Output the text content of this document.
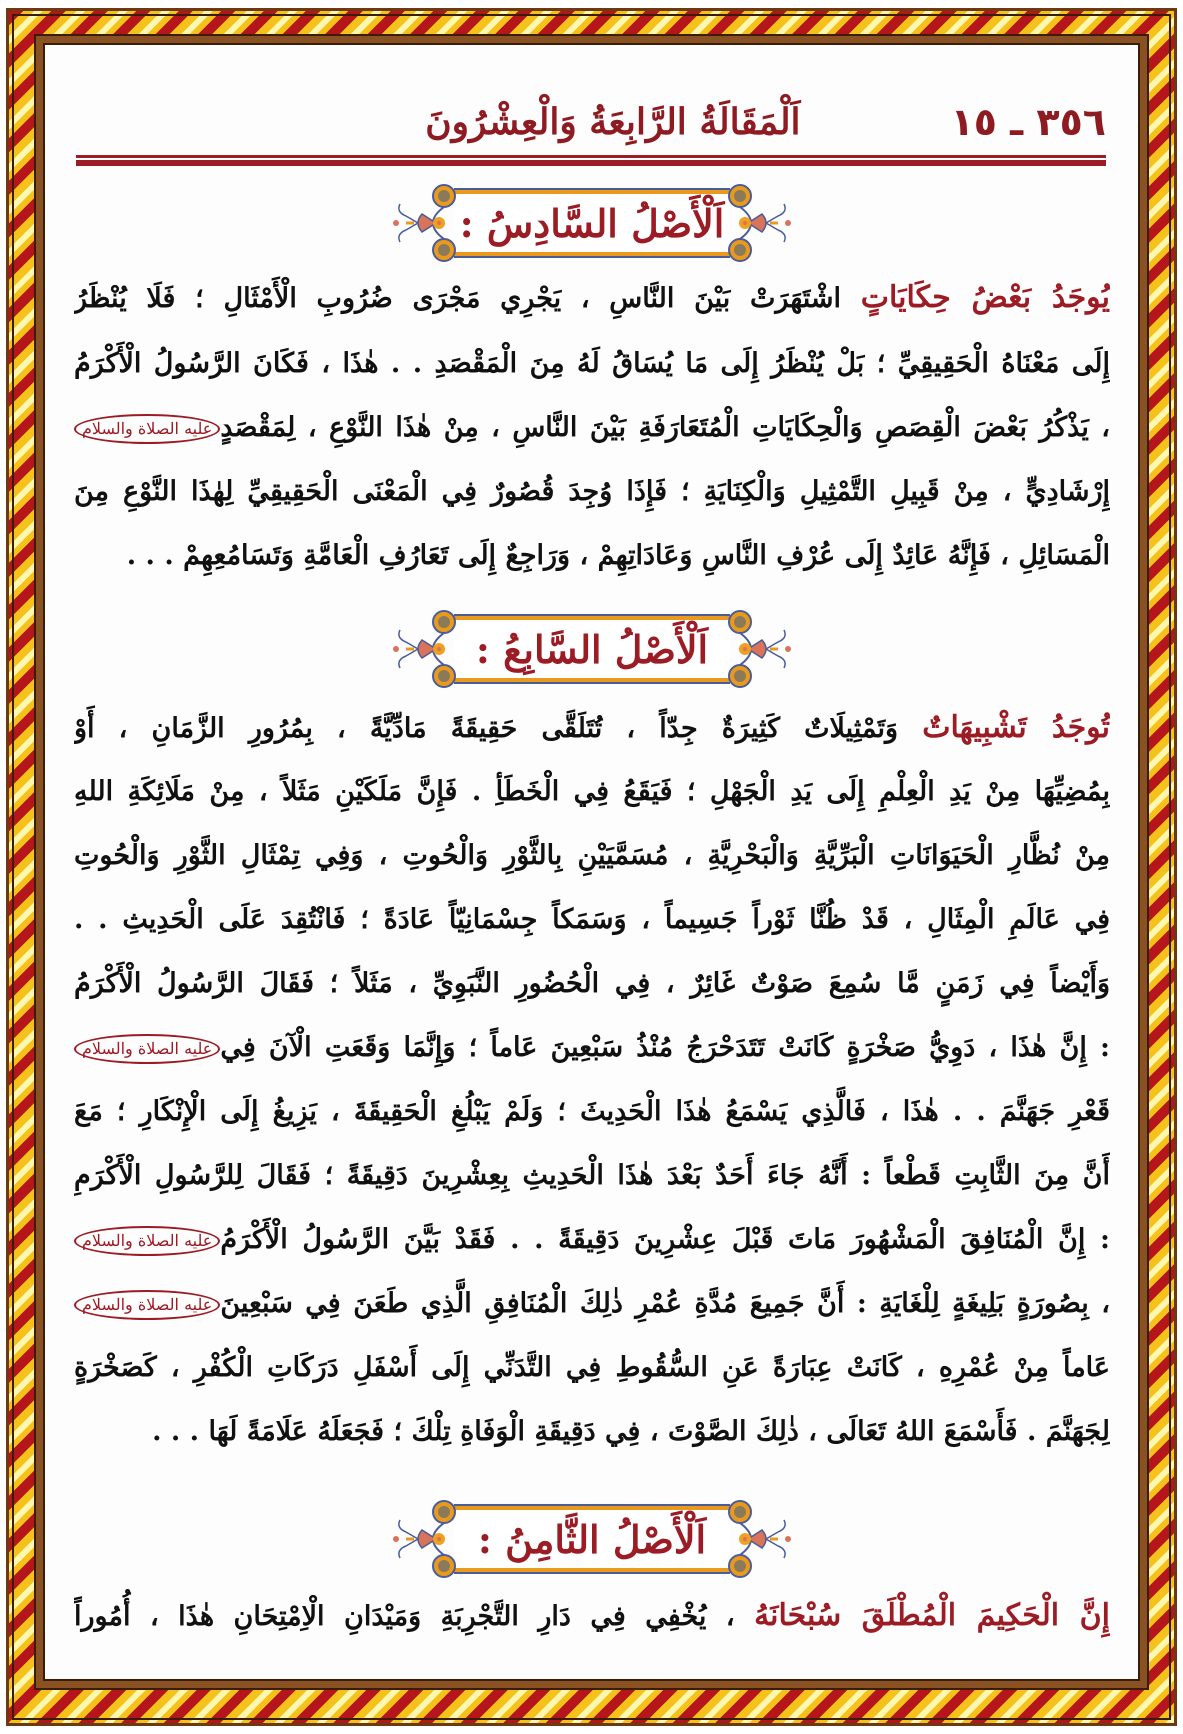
٣٥٦ ـ ١٥
اَلْمَقَالَةُ الرَّابِعَةُ وَالْعِشْرُونَ
اَلْأَصْلُ السَّادِسُ :
يُوجَدُ بَعْضُ حِكَايَاتٍ اشْتَهَرَتْ بَيْنَ النَّاسِ ، يَجْرِي مَجْرَى ضُرُوبِ الْأَمْثَالِ ؛ فَلَا يُنْظَرُ
إِلَى مَعْنَاهُ الْحَقِيقِيِّ ؛ بَلْ يُنْظَرُ إِلَى مَا يُسَاقُ لَهُ مِنَ الْمَقْصَدِ . . هٰذَا ، فَكَانَ الرَّسُولُ الْأَكْرَمُ
، يَذْكُرُ بَعْضَ الْقِصَصِ وَالْحِكَايَاتِ الْمُتَعَارَفَةِ بَيْنَ النَّاسِ ، مِنْ هٰذَا النَّوْعِ ، لِمَقْصَدٍعليه الصلاة والسلام
إِرْشَادِيٍّ ، مِنْ قَبِيلِ التَّمْثِيلِ وَالْكِنَايَةِ ؛ فَإِذَا وُجِدَ قُصُورٌ فِي الْمَعْنَى الْحَقِيقِيِّ لِهٰذَا النَّوْعِ مِنَ
الْمَسَائِلِ ، فَإِنَّهُ عَائِدٌ إِلَى عُرْفِ النَّاسِ وَعَادَاتِهِمْ ، وَرَاجِعٌ إِلَى تَعَارُفِ الْعَامَّةِ وَتَسَامُعِهِمْ . . .
اَلْأَصْلُ السَّابِعُ :
تُوجَدُ تَشْبِيهَاتٌ وَتَمْثِيلَاتٌ كَثِيرَةٌ جِدّاً ، تُتَلَقَّى حَقِيقَةً مَادِّيَّةً ، بِمُرُورِ الزَّمَانِ ، أَوْ
بِمُضِيِّهَا مِنْ يَدِ الْعِلْمِ إِلَى يَدِ الْجَهْلِ ؛ فَيَقَعُ فِي الْخَطَأِ . فَإِنَّ مَلَكَيْنِ مَثَلاً ، مِنْ مَلَائِكَةِ اللهِ
مِنْ نُظَّارِ الْحَيَوَانَاتِ الْبَرِّيَّةِ وَالْبَحْرِيَّةِ ، مُسَمَّيَيْنِ بِالثَّوْرِ وَالْحُوتِ ، وَفِي تِمْثَالِ الثَّوْرِ وَالْحُوتِ
فِي عَالَمِ الْمِثَالِ ، قَدْ ظُنَّا ثَوْراً جَسِيماً ، وَسَمَكاً جِسْمَانِيّاً عَادَةً ؛ فَانْتُقِدَ عَلَى الْحَدِيثِ . .
وَأَيْضاً فِي زَمَنٍ مَّا سُمِعَ صَوْتٌ غَائِرٌ ، فِي الْحُضُورِ النَّبَوِيِّ ، مَثَلاً ؛ فَقَالَ الرَّسُولُ الْأَكْرَمُ
: إِنَّ هٰذَا ، دَوِيُّ صَخْرَةٍ كَانَتْ تَتَدَحْرَجُ مُنْذُ سَبْعِينَ عَاماً ؛ وَإِنَّمَا وَقَعَتِ الْآنَ فِيعليه الصلاة والسلام
قَعْرِ جَهَنَّمَ . . هٰذَا ، فَالَّذِي يَسْمَعُ هٰذَا الْحَدِيثَ ؛ وَلَمْ يَبْلُغِ الْحَقِيقَةَ ، يَزِيغُ إِلَى الْإِنْكَارِ ؛ مَعَ
أَنَّ مِنَ الثَّابِتِ قَطْعاً : أَنَّهُ جَاءَ أَحَدٌ بَعْدَ هٰذَا الْحَدِيثِ بِعِشْرِينَ دَقِيقَةً ؛ فَقَالَ لِلرَّسُولِ الْأَكْرَمِ
: إِنَّ الْمُنَافِقَ الْمَشْهُورَ مَاتَ قَبْلَ عِشْرِينَ دَقِيقَةً . . فَقَدْ بَيَّنَ الرَّسُولُ الْأَكْرَمُعليه الصلاة والسلام
، بِصُورَةٍ بَلِيغَةٍ لِلْغَايَةِ : أَنَّ جَمِيعَ مُدَّةِ عُمْرِ ذٰلِكَ الْمُنَافِقِ الَّذِي طَعَنَ فِي سَبْعِينَعليه الصلاة والسلام
عَاماً مِنْ عُمْرِهِ ، كَانَتْ عِبَارَةً عَنِ السُّقُوطِ فِي التَّدَنِّي إِلَى أَسْفَلِ دَرَكَاتِ الْكُفْرِ ، كَصَخْرَةٍ
لِجَهَنَّمَ . فَأَسْمَعَ اللهُ تَعَالَى ، ذٰلِكَ الصَّوْتَ ، فِي دَقِيقَةِ الْوَفَاةِ تِلْكَ ؛ فَجَعَلَهُ عَلَامَةً لَهَا . . .
اَلْأَصْلُ الثَّامِنُ :
إِنَّ الْحَكِيمَ الْمُطْلَقَ سُبْحَانَهُ ، يُخْفِي فِي دَارِ التَّجْرِبَةِ وَمَيْدَانِ الْاِمْتِحَانِ هٰذَا ، أُمُوراً
